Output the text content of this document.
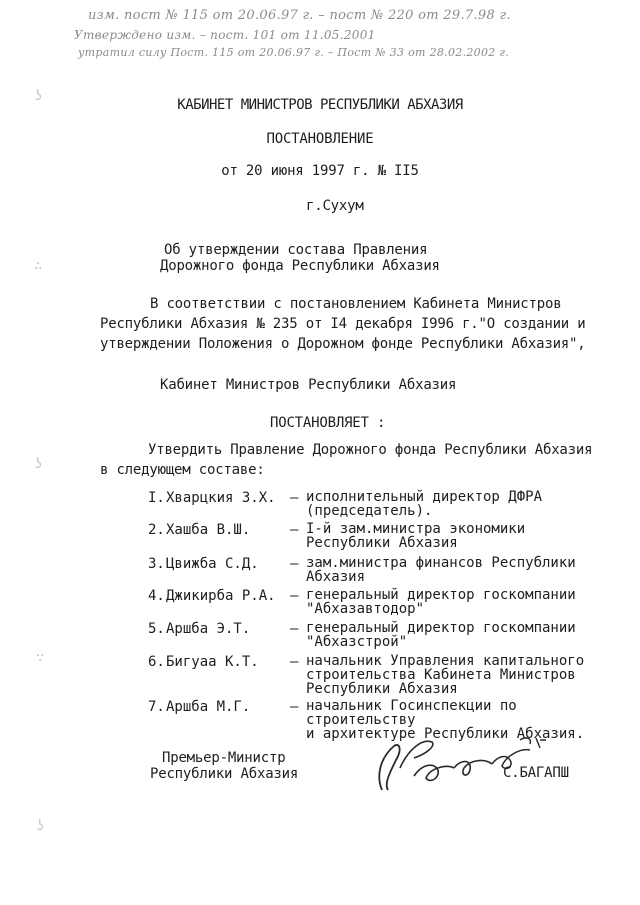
изм. пост № 115 от 20.06.97 г. – пост № 220 от 29.7.98 г.
Утверждено изм. – пост. 101 от 11.05.2001
утратил силу Пост. 115 от 20.06.97 г. – Пост № 33 от 28.02.2002 г.
ʖ
∴
ʖ
∵
ʖ
КАБИНЕТ МИНИСТРОВ РЕСПУБЛИКИ АБХАЗИЯ
ПОСТАНОВЛЕНИЕ
от 20 июня 1997 г. № II5
г.Сухум
Об утверждении состава Правления
Дорожного фонда Республики Абхазия
В соответствии с постановлением Кабинета Министров
Республики Абхазия № 235 от I4 декабря I996 г."О создании и
утверждении Положения о Дорожном фонде Республики Абхазия",
Кабинет Министров Республики Абхазия
ПОСТАНОВЛЯЕТ :
Утвердить Правление Дорожного фонда Республики Абхазия
в следующем составе:
I. Хварцкия З.Х. – исполнительный директор ДФРА
(председатель).
2. Хашба В.Ш.	– I-й зам.министра экономики
Республики Абхазия
3. Цвижба С.Д. – зам.министра финансов Республики
Абхазия
4. Джикирба Р.А. – генеральный директор госкомпании
"Абхазавтодор"
5. Аршба Э.Т.	– генеральный директор госкомпании
"Абхазстрой"
6. Бигуаа К.Т. – начальник Управления капитального
строительства Кабинета Министров
Республики Абхазия
7. Аршба М.Г.	– начальник Госинспекции по строительству
и архитектуре Республики Абхазия.
Премьер-Министр
Республики Абхазия	С.БАГАПШ
